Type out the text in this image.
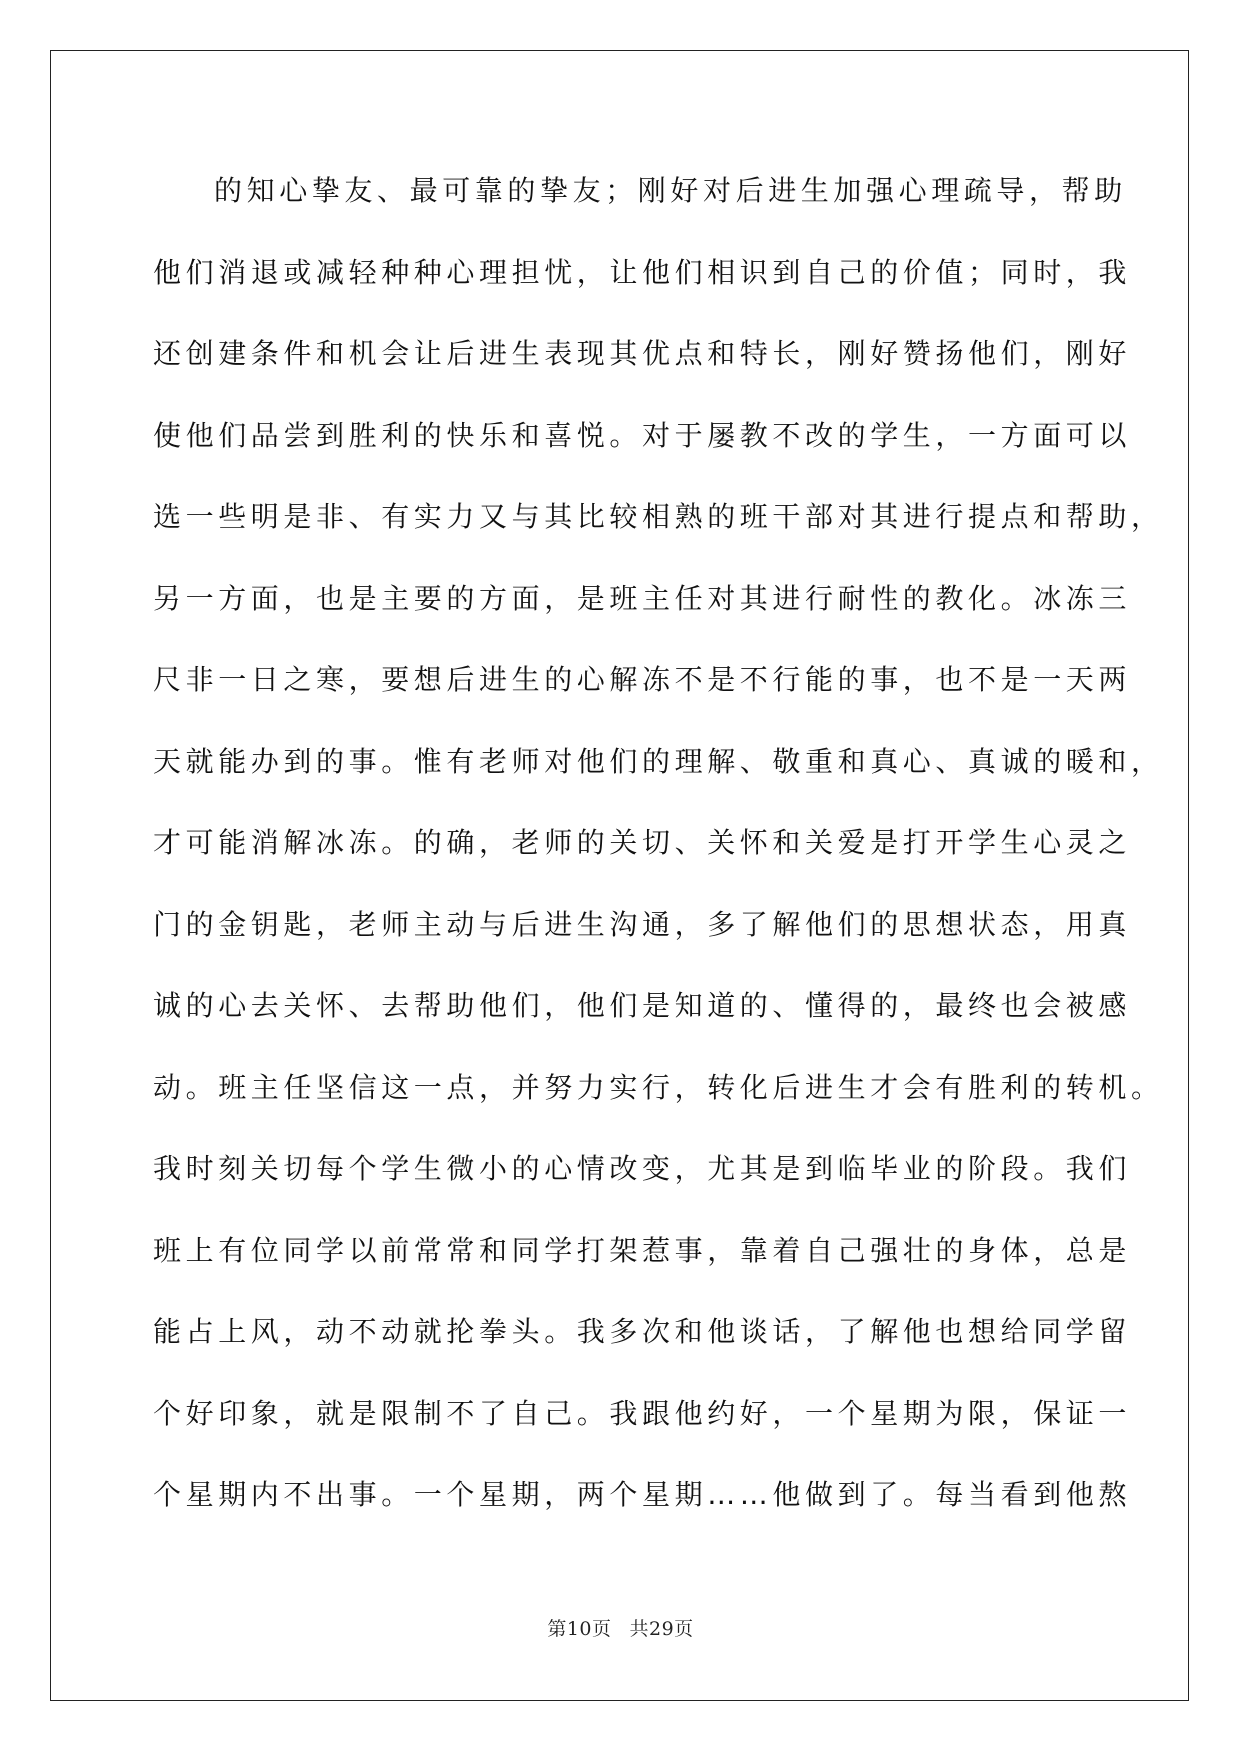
的知心挚友、最可靠的挚友；刚好对后进生加强心理疏导，帮助
他们消退或减轻种种心理担忧，让他们相识到自己的价值；同时，我
还创建条件和机会让后进生表现其优点和特长，刚好赞扬他们，刚好
使他们品尝到胜利的快乐和喜悦。对于屡教不改的学生，一方面可以
选一些明是非、有实力又与其比较相熟的班干部对其进行提点和帮助，
另一方面，也是主要的方面，是班主任对其进行耐性的教化。冰冻三
尺非一日之寒，要想后进生的心解冻不是不行能的事，也不是一天两
天就能办到的事。惟有老师对他们的理解、敬重和真心、真诚的暖和，
才可能消解冰冻。的确，老师的关切、关怀和关爱是打开学生心灵之
门的金钥匙，老师主动与后进生沟通，多了解他们的思想状态，用真
诚的心去关怀、去帮助他们，他们是知道的、懂得的，最终也会被感
动。班主任坚信这一点，并努力实行，转化后进生才会有胜利的转机。
我时刻关切每个学生微小的心情改变，尤其是到临毕业的阶段。我们
班上有位同学以前常常和同学打架惹事，靠着自己强壮的身体，总是
能占上风，动不动就抡拳头。我多次和他谈话，了解他也想给同学留
个好印象，就是限制不了自己。我跟他约好，一个星期为限，保证一
个星期内不出事。一个星期，两个星期……他做到了。每当看到他熬
第10页 共29页
